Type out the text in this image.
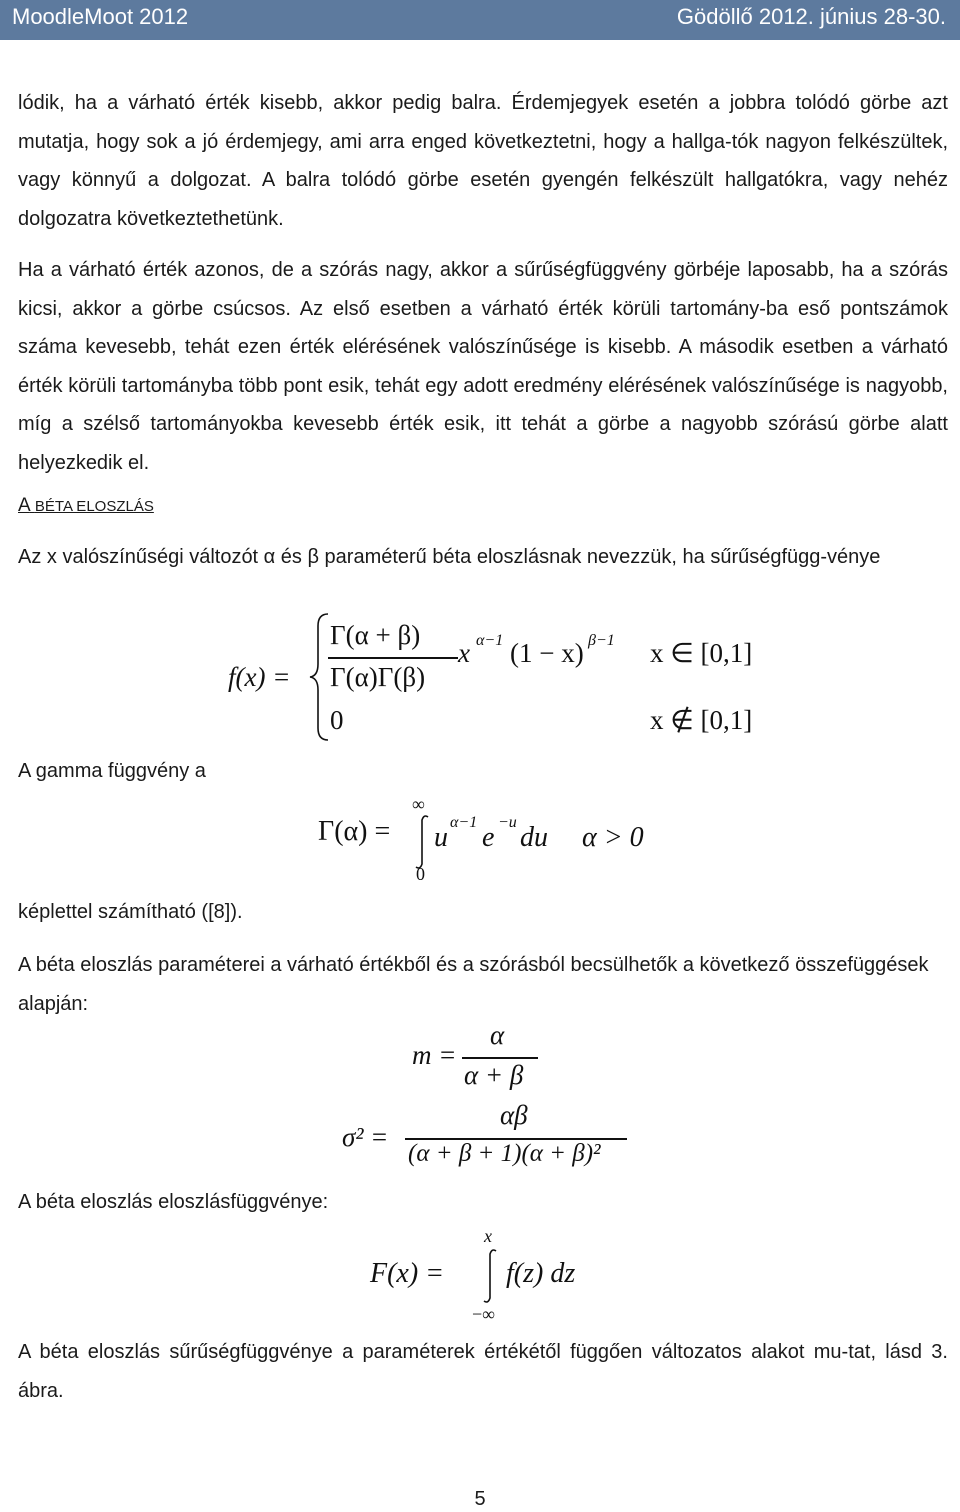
MoodleMoot 2012	Gödöllő 2012. június 28-30.

lódik, ha a várható érték kisebb, akkor pedig balra. Érdemjegyek esetén a jobbra tolódó görbe azt mutatja, hogy sok a jó érdemjegy, ami arra enged következtetni, hogy a hallga-tók nagyon felkészültek, vagy könnyű a dolgozat. A balra tolódó görbe esetén gyengén felkészült hallgatókra, vagy nehéz dolgozatra következtethetünk.

Ha a várható érték azonos, de a szórás nagy, akkor a sűrűségfüggvény görbéje laposabb, ha a szórás kicsi, akkor a görbe csúcsos. Az első esetben a várható érték körüli tartomány-ba eső pontszámok száma kevesebb, tehát ezen érték elérésének valószínűsége is kisebb. A második esetben a várható érték körüli tartományba több pont esik, tehát egy adott eredmény elérésének valószínűsége is nagyobb, míg a szélső tartományokba kevesebb érték esik, itt tehát a görbe a nagyobb szórású görbe alatt helyezkedik el.

A BÉTA ELOSZLÁS

Az x valószínűségi változót α és β paraméterű béta eloszlásnak nevezzük, ha sűrűségfügg-vénye

f(x) =
Γ(α + β)
Γ(α)Γ(β)
x α−1 (1 − x) β−1 x ∈ [0,1]
0	x ∉ [0,1]

A gamma függvény a

Γ(α) =
∞
0
u α−1 e −u du α > 0

képlettel számítható ([8]).

A béta eloszlás paraméterei a várható értékből és a szórásból becsülhetők a következő összefüggések alapján:

m =
α
α + β
σ² =
αβ
(α + β + 1)(α + β)²

A béta eloszlás eloszlásfüggvénye:

F(x) =
x
−∞
f(z) dz

A béta eloszlás sűrűségfüggvénye a paraméterek értékétől függően változatos alakot mu-tat, lásd 3. ábra.

5
